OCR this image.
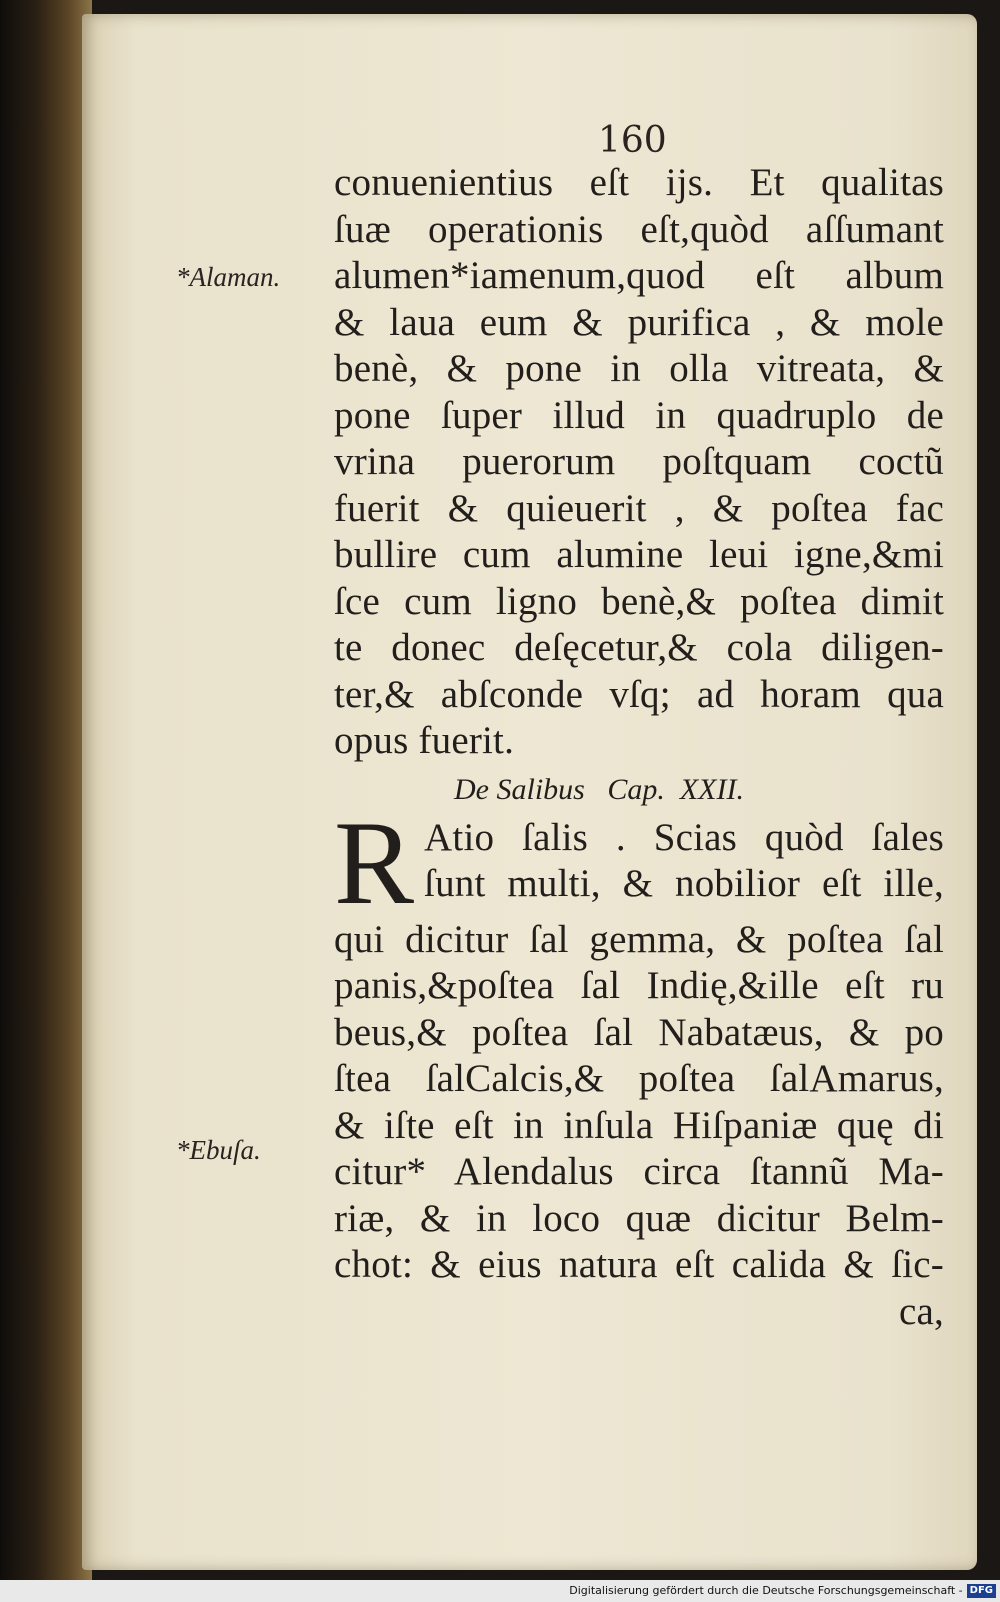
160
*Alaman.
*Ebuſa.
conuenientius eſt ijs. Et qualitas
ſuæ operationis eſt,quòd aſſumant
alumen*iamenum,quod eſt album
& laua eum & purifica , & mole
benè, & pone in olla vitreata, &
pone ſuper illud in quadruplo de
vrina puerorum poſtquam coctũ
fuerit & quieuerit , & poſtea fac
bullire cum alumine leui igne,&mi
ſce cum ligno benè,& poſtea dimit
te donec deſęcetur,& cola diligen-
ter,& abſconde vſq; ad horam qua
opus fuerit.
De Salibus   Cap.  XXII.
R Atio ſalis . Scias quòd ſales
ſunt multi, & nobilior eſt ille,
qui dicitur ſal gemma, & poſtea ſal
panis,&poſtea ſal Indię,&ille eſt ru
beus,& poſtea ſal Nabatæus, & po
ſtea ſalCalcis,& poſtea ſalAmarus,
& iſte eſt in inſula Hiſpaniæ quę di
citur* Alendalus circa ſtannũ Ma-
riæ, & in loco quæ dicitur Belm-
chot: & eius natura eſt calida & ſic-
ca,
Digitalisierung gefördert durch die Deutsche Forschungsgemeinschaft - DFG
